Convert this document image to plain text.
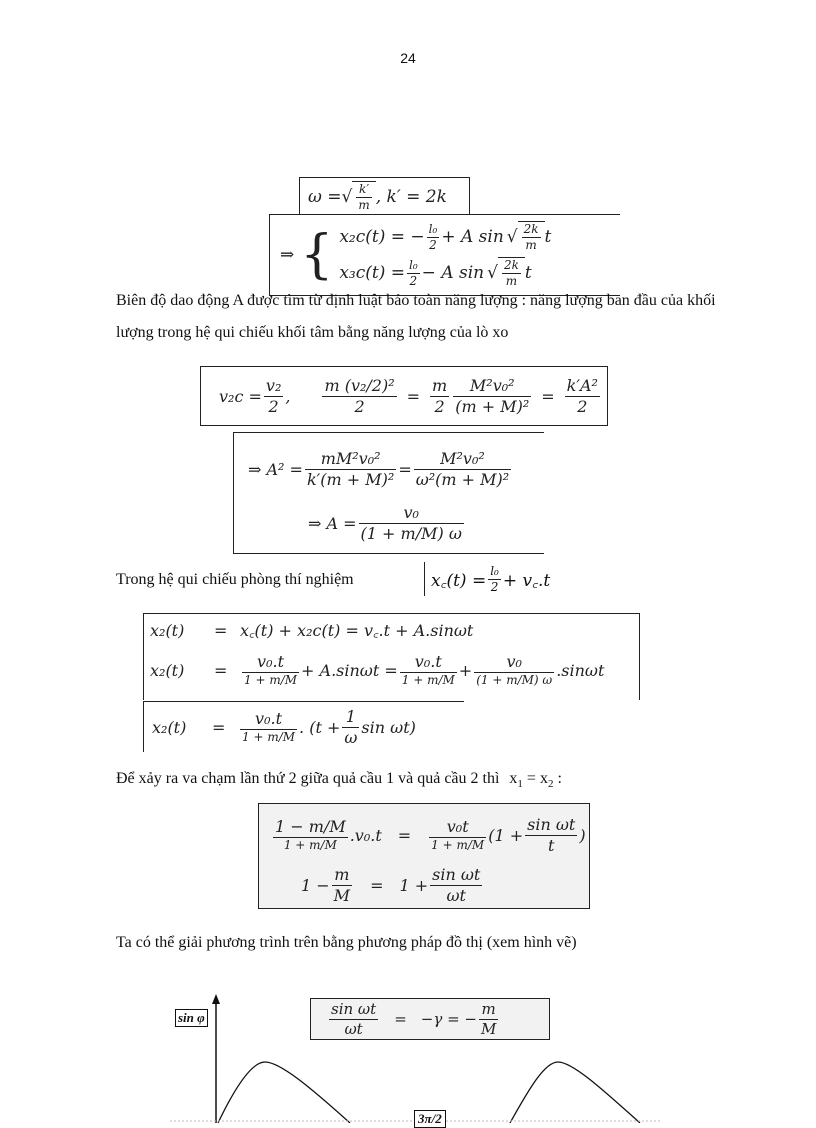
24
ω = √ $\frac{k'}{m}$ , k′ = 2k
⇒ { x₂c(t) = − $\frac{\text{l₀}}{2} + A$ sin √ $\frac{2k}{m}$ t
$x_3c(t) = \frac{\text{l₀}}{2} - A$ sin √ $\frac{2k}{m}$ t
Biên độ dao động A được tìm từ định luật bảo toàn năng lượng : năng lượng ban đầu của khối lượng trong hệ qui chiếu khối tâm bằng năng lượng của lò xo
$v_2c = \frac{\text{v₂}}{2}$ , $\frac{\text{m (v₂/2)²}}{2} = \frac{m}{2} \frac{\text{M²v₀²}}{\text{(m + M)²}} = \frac{\text{k′A²}}{2}$
⇒ $A^2 = \frac{\text{mM²v₀²}}{\text{k′(m + M)²}} = \frac{\text{M²v₀²}}{\text{ω²(m + M)²}}$
⇒ $A = \frac{\text{v₀}}{(1 + m/M) \omega}$
Trong hệ qui chiếu phòng thí nghiệm	x꜀(t) = $\frac{\text{l₀}}{2}$ + v꜀.t
x₂(t)	= x꜀(t) + x₂c(t) = v꜀.t + A.sinωt
x₂(t)	= $\frac{\text{v₀.t}}{1 + m/M} + A.\sin\omega t = \frac{\text{v₀.t}}{1 + m/M} + \frac{\text{v₀}}{(1 + m/M) \omega} .\sin\omega t$
x₂(t)	= $\frac{\text{v₀.t}}{1 + m/M}$ . ($t + \frac{1}{\omega}$ sin ωt)
Để xảy ra va chạm lần thứ 2 giữa quả cầu 1 và quả cầu 2 thì $x_1 = x_2$ :
$\frac{1 - m/M}{1 + m/M} .v_0.t = \frac{\text{v₀t}}{1 + m/M} (1 + \frac{\text{sin ωt}}{t}$ )
$1 - \frac{m}{M} = 1 + \frac{\text{sin ωt}}{\omega t}$
Ta có thể giải phương trình trên bằng phương pháp đồ thị (xem hình vẽ)
sin φ
3π/2
$\frac{\text{sin ωt}}{\omega t} = -\gamma$ = − $\frac{m}{M}$
